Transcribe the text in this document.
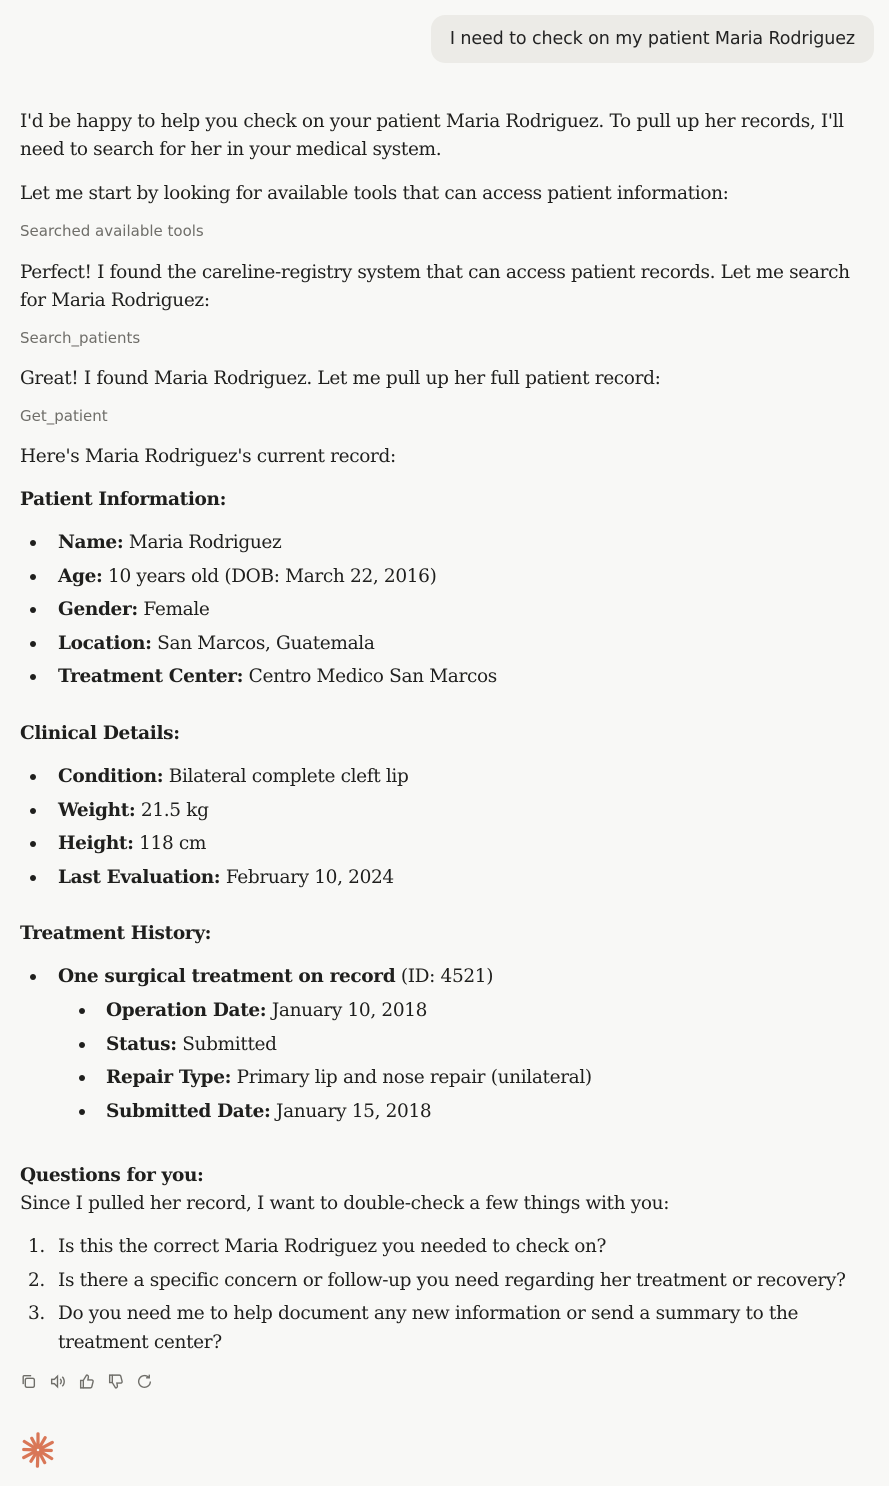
I need to check on my patient Maria Rodriguez

I'd be happy to help you check on your patient Maria Rodriguez. To pull up her records, I'll need to search for her in your medical system.

Let me start by looking for available tools that can access patient information:

Searched available tools

Perfect! I found the careline-registry system that can access patient records. Let me search for Maria Rodriguez:

Search_patients

Great! I found Maria Rodriguez. Let me pull up her full patient record:

Get_patient

Here's Maria Rodriguez's current record:

Patient Information:

Name: Maria Rodriguez
Age: 10 years old (DOB: March 22, 2016)
Gender: Female
Location: San Marcos, Guatemala
Treatment Center: Centro Medico San Marcos

Clinical Details:

Condition: Bilateral complete cleft lip
Weight: 21.5 kg
Height: 118 cm
Last Evaluation: February 10, 2024

Treatment History:

One surgical treatment on record (ID: 4521)
Operation Date: January 10, 2018
Status: Submitted
Repair Type: Primary lip and nose repair (unilateral)
Submitted Date: January 15, 2018

Questions for you:

Since I pulled her record, I want to double-check a few things with you:

1. Is this the correct Maria Rodriguez you needed to check on?
2. Is there a specific concern or follow-up you need regarding her treatment or recovery?
3. Do you need me to help document any new information or send a summary to the treatment center?
